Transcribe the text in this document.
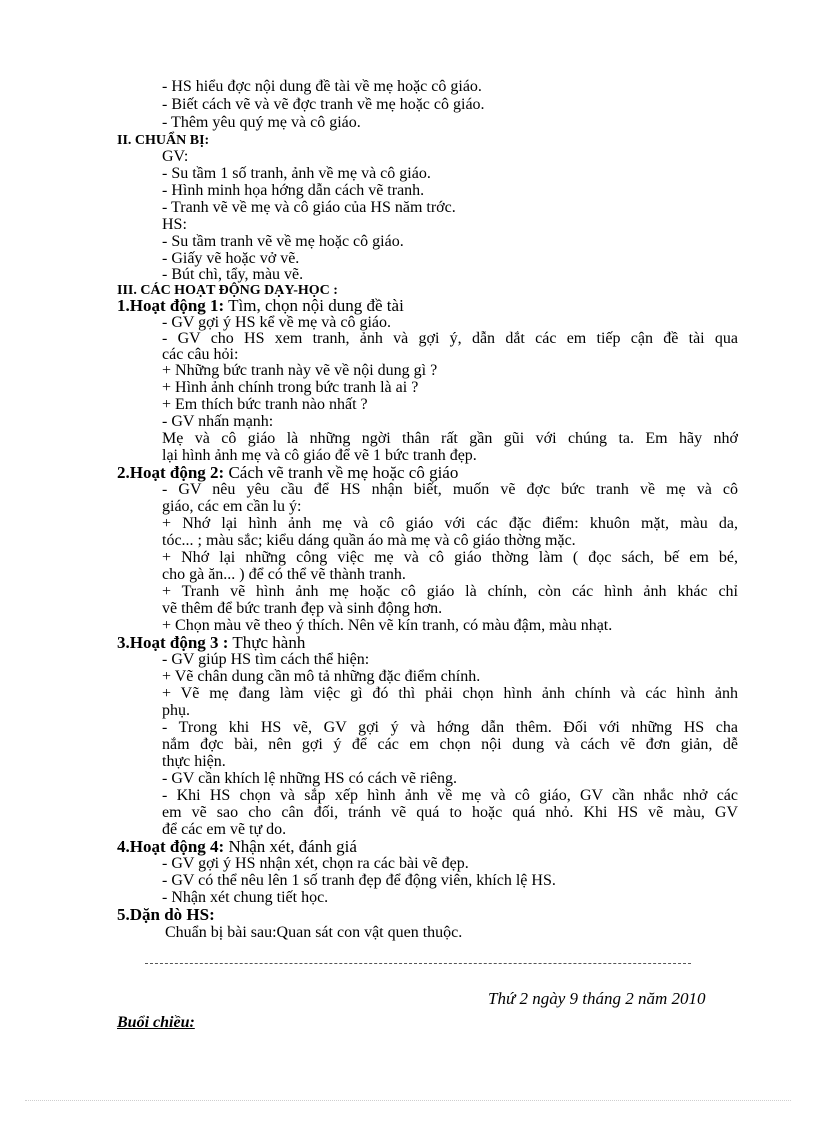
- HS hiểu đợc nội dung đề tài về mẹ hoặc cô giáo.
- Biết cách vẽ và vẽ đợc tranh về mẹ hoặc cô giáo.
- Thêm yêu quý mẹ và cô giáo.
II. CHUẨN BỊ:
GV:
- Su tầm 1 số tranh, ảnh về mẹ và cô giáo.
- Hình minh họa hớng dẫn cách vẽ tranh.
- Tranh vẽ về mẹ và cô giáo của HS năm trớc.
HS:
- Su tầm tranh vẽ về mẹ hoặc cô giáo.
- Giấy vẽ hoặc vở vẽ.
- Bút chì, tẩy, màu vẽ.
III. CÁC HOẠT ĐỘNG DẠY-HỌC :
1.Hoạt động 1: Tìm, chọn nội dung đề tài
- GV gợi ý HS kể về mẹ và cô giáo.
- GV cho HS xem tranh, ảnh và gợi ý, dẫn dắt các em tiếp cận đề tài qua
các câu hỏi:
+ Những bức tranh này vẽ về nội dung gì ?
+ Hình ảnh chính trong bức tranh là ai ?
+ Em thích bức tranh nào nhất ?
- GV nhấn mạnh:
Mẹ và cô giáo là những ngời thân rất gần gũi với chúng ta. Em hãy nhớ
lại hình ảnh mẹ và cô giáo để vẽ 1 bức tranh đẹp.
2.Hoạt động 2: Cách vẽ tranh về mẹ hoặc cô giáo
- GV nêu yêu cầu để HS nhận biết, muốn vẽ đợc bức tranh về mẹ và cô
giáo, các em cần lu ý:
+ Nhớ lại hình ảnh mẹ và cô giáo với các đặc điểm: khuôn mặt, màu da,
tóc... ; màu sắc; kiểu dáng quần áo mà mẹ và cô giáo thờng mặc.
+ Nhớ lại những công việc mẹ và cô giáo thờng làm ( đọc sách, bế em bé,
cho gà ăn... ) để có thể vẽ thành tranh.
+ Tranh vẽ hình ảnh mẹ hoặc cô giáo là chính, còn các hình ảnh khác chỉ
vẽ thêm để bức tranh đẹp và sinh động hơn.
+ Chọn màu vẽ theo ý thích. Nên vẽ kín tranh, có màu đậm, màu nhạt.
3.Hoạt động 3 : Thực hành
- GV giúp HS tìm cách thể hiện:
+ Vẽ chân dung cần mô tả những đặc điểm chính.
+ Vẽ mẹ đang làm việc gì đó thì phải chọn hình ảnh chính và các hình ảnh
phụ.
- Trong khi HS vẽ, GV gợi ý và hớng dẫn thêm. Đối với những HS cha
nắm đợc bài, nên gợi ý để các em chọn nội dung và cách vẽ đơn giản, dễ
thực hiện.
- GV cần khích lệ những HS có cách vẽ riêng.
- Khi HS chọn và sắp xếp hình ảnh về mẹ và cô giáo, GV cần nhắc nhở các
em vẽ sao cho cân đối, tránh vẽ quá to hoặc quá nhỏ. Khi HS vẽ màu, GV
để các em vẽ tự do.
4.Hoạt động 4: Nhận xét, đánh giá
- GV gợi ý HS nhận xét, chọn ra các bài vẽ đẹp.
- GV có thể nêu lên 1 số tranh đẹp để động viên, khích lệ HS.
- Nhận xét chung tiết học.
5.Dặn dò HS:
Chuẩn bị bài sau:Quan sát con vật quen thuộc.
Thứ 2 ngày 9 tháng 2 năm 2010
Buổi chiều:
